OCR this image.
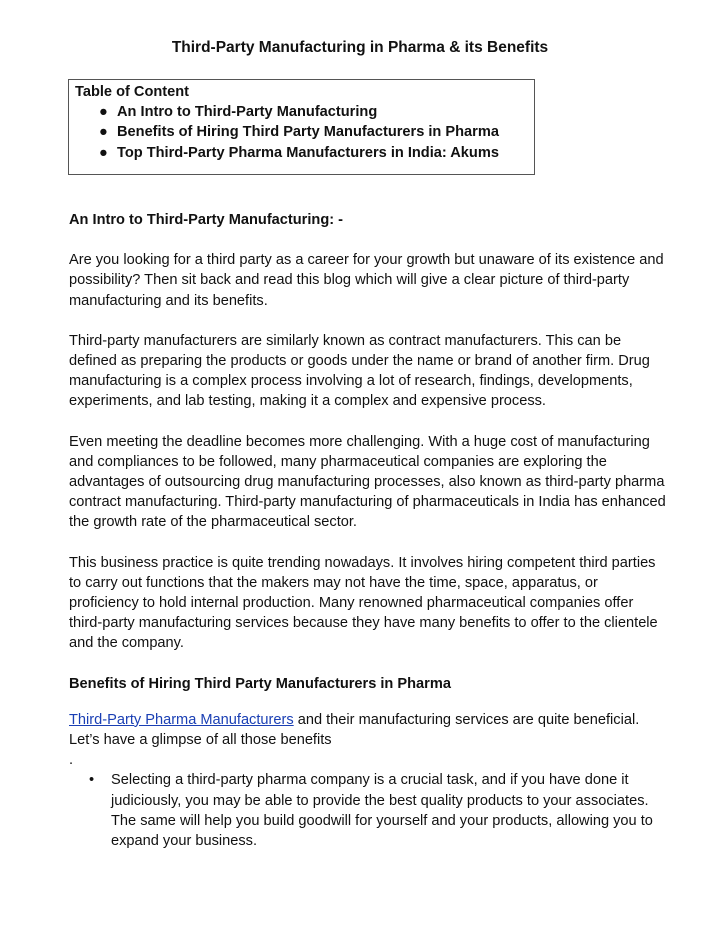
Third-Party Manufacturing in Pharma & its Benefits
Table of Content
● An Intro to Third-Party Manufacturing
● Benefits of Hiring Third Party Manufacturers in Pharma
● Top Third-Party Pharma Manufacturers in India: Akums

An Intro to Third-Party Manufacturing: -

Are you looking for a third party as a career for your growth but unaware of its existence and possibility? Then sit back and read this blog which will give a clear picture of third-party manufacturing and its benefits.

Third-party manufacturers are similarly known as contract manufacturers. This can be defined as preparing the products or goods under the name or brand of another firm. Drug manufacturing is a complex process involving a lot of research, findings, developments, experiments, and lab testing, making it a complex and expensive process.

Even meeting the deadline becomes more challenging. With a huge cost of manufacturing and compliances to be followed, many pharmaceutical companies are exploring the advantages of outsourcing drug manufacturing processes, also known as third-party pharma contract manufacturing. Third-party manufacturing of pharmaceuticals in India has enhanced the growth rate of the pharmaceutical sector.

This business practice is quite trending nowadays. It involves hiring competent third parties to carry out functions that the makers may not have the time, space, apparatus, or proficiency to hold internal production. Many renowned pharmaceutical companies offer third-party manufacturing services because they have many benefits to offer to the clientele and the company.

Benefits of Hiring Third Party Manufacturers in Pharma

Third-Party Pharma Manufacturers and their manufacturing services are quite beneficial. Let’s have a glimpse of all those benefits

.

• Selecting a third-party pharma company is a crucial task, and if you have done it judiciously, you may be able to provide the best quality products to your associates. The same will help you build goodwill for yourself and your products, allowing you to expand your business.
